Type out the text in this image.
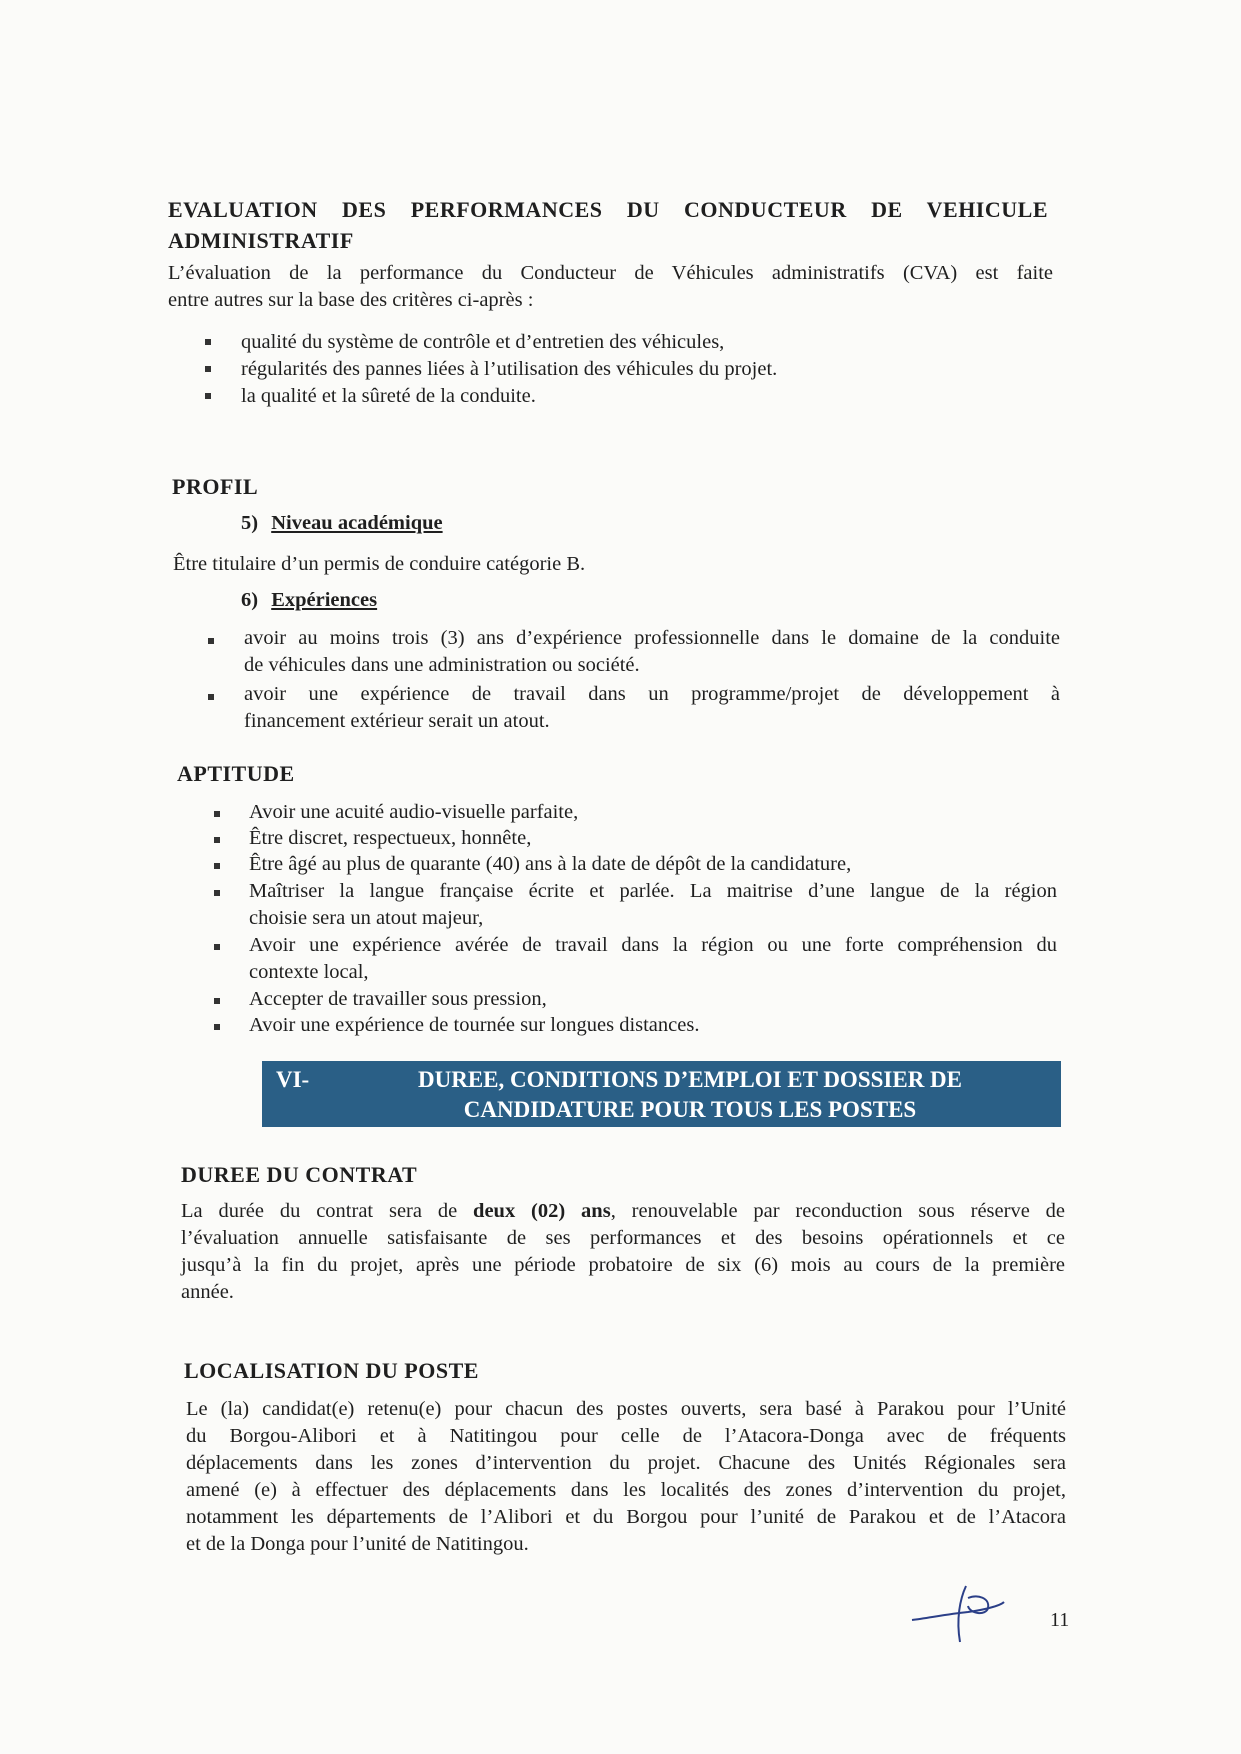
EVALUATION DES PERFORMANCES DU CONDUCTEUR DE VEHICULE
ADMINISTRATIF
L’évaluation de la performance du Conducteur de Véhicules administratifs (CVA) est faite
entre autres sur la base des critères ci-après :
qualité du système de contrôle et d’entretien des véhicules,
régularités des pannes liées à l’utilisation des véhicules du projet.
la qualité et la sûreté de la conduite.
PROFIL
5) Niveau académique
Être titulaire d’un permis de conduire catégorie B.
6) Expériences
avoir au moins trois (3) ans d’expérience professionnelle dans le domaine de la conduite
de véhicules dans une administration ou société.
avoir une expérience de travail dans un programme/projet de développement à
financement extérieur serait un atout.
APTITUDE
Avoir une acuité audio-visuelle parfaite,
Être discret, respectueux, honnête,
Être âgé au plus de quarante (40) ans à la date de dépôt de la candidature,
Maîtriser la langue française écrite et parlée. La maitrise d’une langue de la région
choisie sera un atout majeur,
Avoir une expérience avérée de travail dans la région ou une forte compréhension du
contexte local,
Accepter de travailler sous pression,
Avoir une expérience de tournée sur longues distances.
VI-	DUREE, CONDITIONS D’EMPLOI ET DOSSIER DE
CANDIDATURE POUR TOUS LES POSTES
DUREE DU CONTRAT
La durée du contrat sera de deux (02) ans, renouvelable par reconduction sous réserve de
l’évaluation annuelle satisfaisante de ses performances et des besoins opérationnels et ce
jusqu’à la fin du projet, après une période probatoire de six (6) mois au cours de la première
année.
LOCALISATION DU POSTE
Le (la) candidat(e) retenu(e) pour chacun des postes ouverts, sera basé à Parakou pour l’Unité
du Borgou-Alibori et à Natitingou pour celle de l’Atacora-Donga avec de fréquents
déplacements dans les zones d’intervention du projet. Chacune des Unités Régionales sera
amené (e) à effectuer des déplacements dans les localités des zones d’intervention du projet,
notamment les départements de l’Alibori et du Borgou pour l’unité de Parakou et de l’Atacora
et de la Donga pour l’unité de Natitingou.
11
